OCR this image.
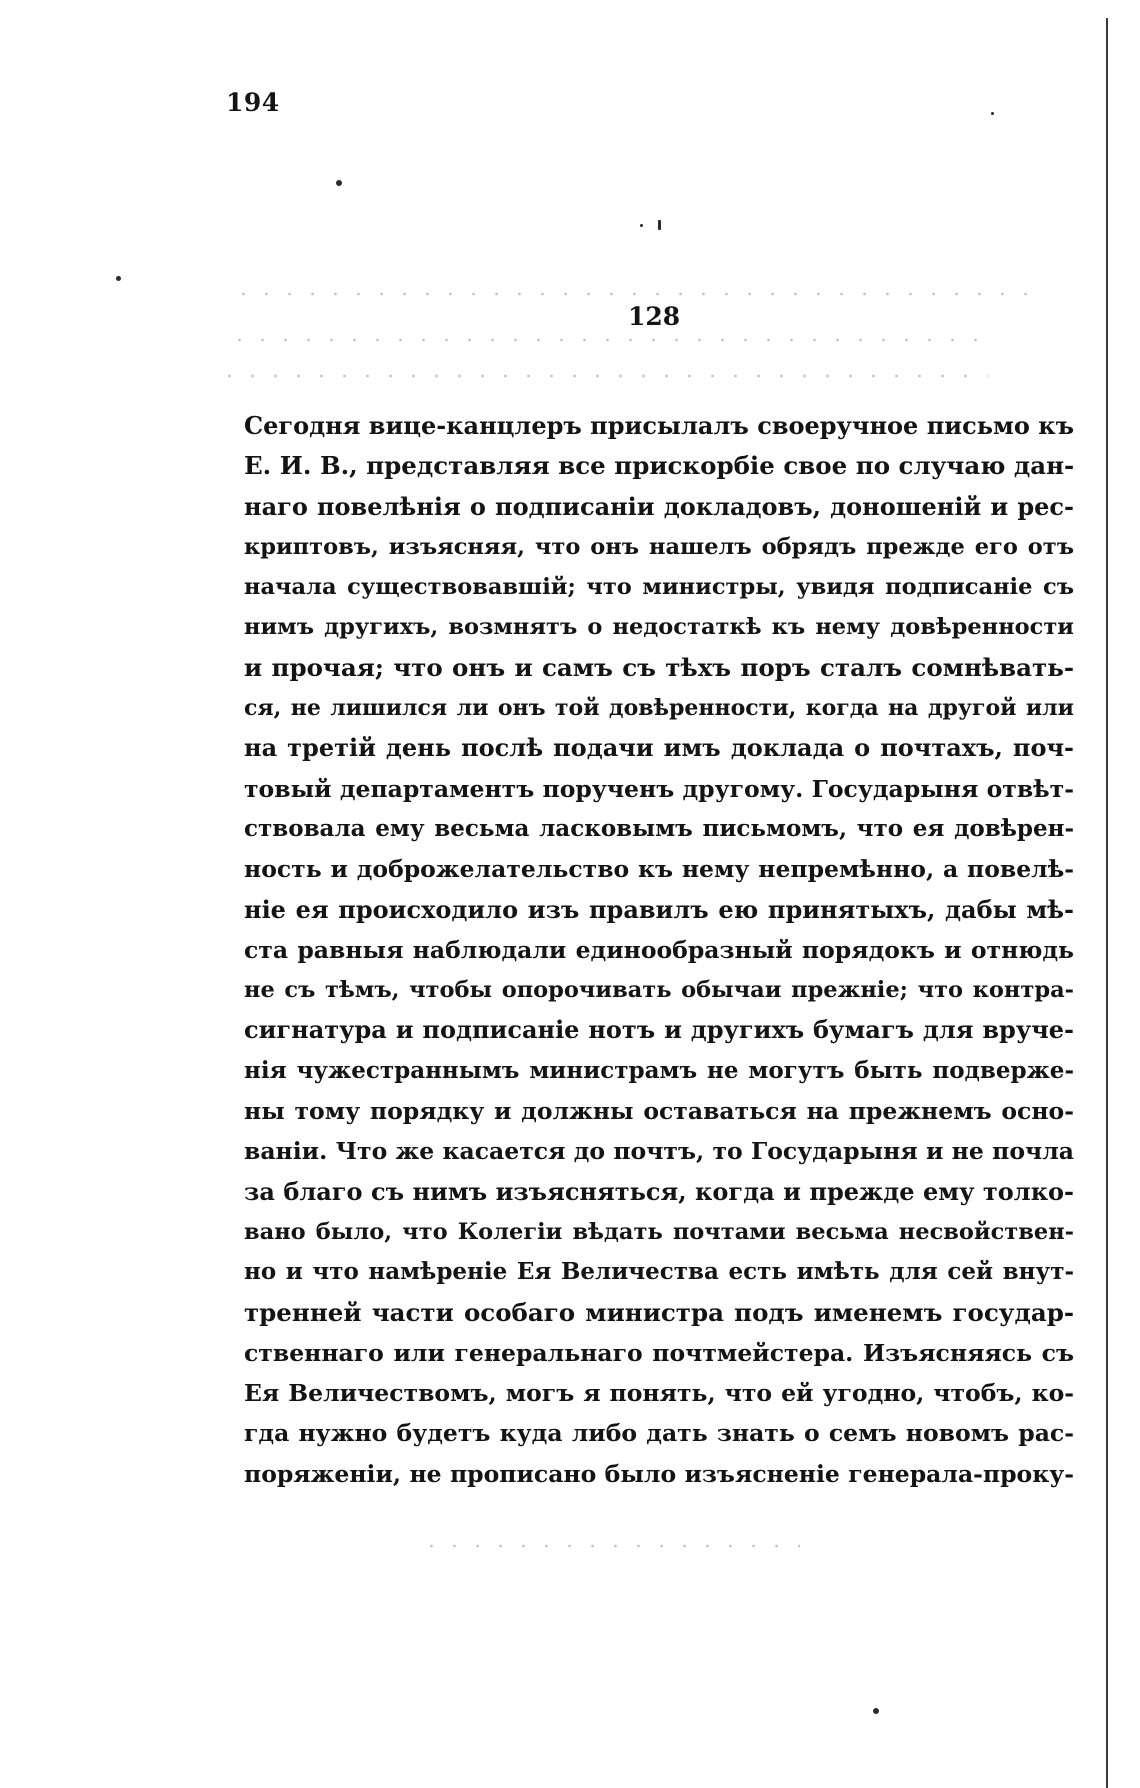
194
128
Сегодня вице-канцлеръ присылалъ своеручное письмо къ
Е. И. В., представляя все прискорбіе свое по случаю дан-
наго повелѣнія о подписаніи докладовъ, доношеній и рес-
криптовъ, изъясняя, что онъ нашелъ обрядъ прежде его отъ
начала существовавшій; что министры, увидя подписаніе съ
нимъ другихъ, возмнятъ о недостаткѣ къ нему довѣренности
и прочая; что онъ и самъ съ тѣхъ поръ сталъ сомнѣвать-
ся, не лишился ли онъ той довѣренности, когда на другой или
на третій день послѣ подачи имъ доклада о почтахъ, поч-
товый департаментъ порученъ другому. Государыня отвѣт-
ствовала ему весьма ласковымъ письмомъ, что ея довѣрен-
ность и доброжелательство къ нему непремѣнно, а повелѣ-
ніе ея происходило изъ правилъ ею принятыхъ, дабы мѣ-
ста равныя наблюдали единообразный порядокъ и отнюдь
не съ тѣмъ, чтобы опорочивать обычаи прежніе; что контра-
сигнатура и подписаніе нотъ и другихъ бумагъ для вруче-
нія чужестраннымъ министрамъ не могутъ быть подверже-
ны тому порядку и должны оставаться на прежнемъ осно-
ваніи. Что же касается до почтъ, то Государыня и не почла
за благо съ нимъ изъясняться, когда и прежде ему толко-
вано было, что Колегіи вѣдать почтами весьма несвойствен-
но и что намѣреніе Ея Величества есть имѣть для сей внут-
тренней части особаго министра подъ именемъ государ-
ственнаго или генеральнаго почтмейстера. Изъясняясь съ
Ея Величествомъ, могъ я понять, что ей угодно, чтобъ, ко-
гда нужно будетъ куда либо дать знать о семъ новомъ рас-
поряженіи, не прописано было изъясненіе генерала-проку-
